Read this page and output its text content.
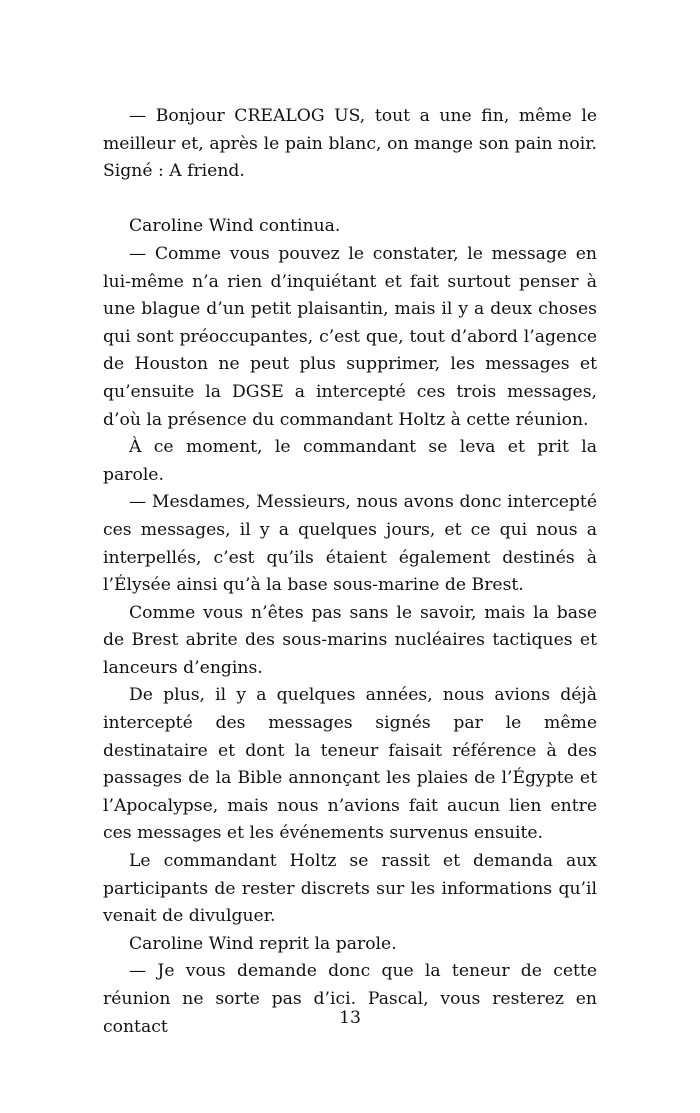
— Bonjour CREALOG US, tout a une fin, même le meilleur et, après le pain blanc, on mange son pain noir. Signé : A friend.

Caroline Wind continua.

— Comme vous pouvez le constater, le message en lui-même n’a rien d’inquiétant et fait surtout penser à une blague d’un petit plaisantin, mais il y a deux choses qui sont préoccupantes, c’est que, tout d’abord l’agence de Houston ne peut plus supprimer, les messages et qu’ensuite la DGSE a intercepté ces trois messages, d’où la présence du commandant Holtz à cette réunion.

À ce moment, le commandant se leva et prit la parole.

— Mesdames, Messieurs, nous avons donc intercepté ces messages, il y a quelques jours, et ce qui nous a interpellés, c’est qu’ils étaient également destinés à l’Élysée ainsi qu’à la base sous-marine de Brest.

Comme vous n’êtes pas sans le savoir, mais la base de Brest abrite des sous-marins nucléaires tactiques et lanceurs d’engins.

De plus, il y a quelques années, nous avions déjà intercepté des messages signés par le même destinataire et dont la teneur faisait référence à des passages de la Bible annonçant les plaies de l’Égypte et l’Apocalypse, mais nous n’avions fait aucun lien entre ces messages et les événements survenus ensuite.

Le commandant Holtz se rassit et demanda aux participants de rester discrets sur les informations qu’il venait de divulguer.

Caroline Wind reprit la parole.

— Je vous demande donc que la teneur de cette réunion ne sorte pas d’ici. Pascal, vous resterez en contact	13
